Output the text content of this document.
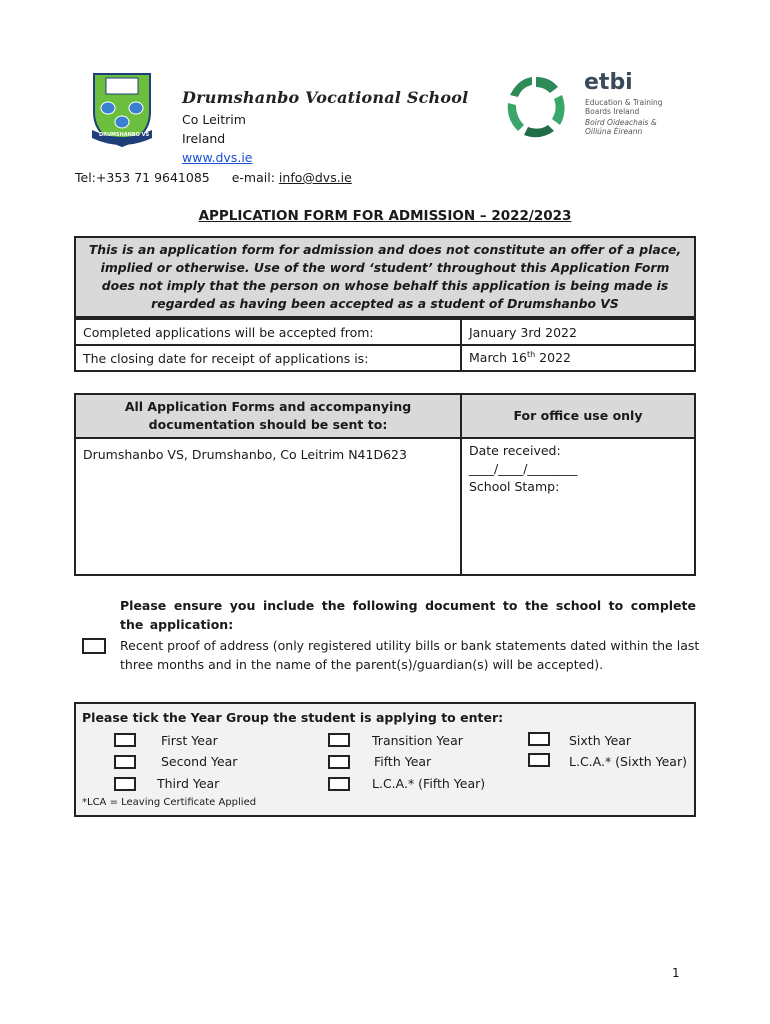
DRUMSHANBO VS
Drumshanbo Vocational School
Co Leitrim
Ireland
www.dvs.ie
Tel:+353 71 9641085 e-mail: info@dvs.ie
etbi
Education & Training
Boards Ireland
Boird Oideachais &
Oiliúna Éireann
APPLICATION FORM FOR ADMISSION – 2022/2023
This is an application form for admission and does not constitute an offer of a place, implied or otherwise. Use of the word ‘student’ throughout this Application Form does not imply that the person on whose behalf this application is being made is regarded as having been accepted as a student of Drumshanbo VS
Completed applications will be accepted from:	January 3rd 2022
The closing date for receipt of applications is:	March 16th 2022
All Application Forms and accompanying documentation should be sent to:	For office use only
Drumshanbo VS, Drumshanbo, Co Leitrim N41D623	Date received:
____/____/________
School Stamp:
Please ensure you include the following document to the school to complete the application:
Recent proof of address (only registered utility bills or bank statements dated within the last three months and in the name of the parent(s)/guardian(s) will be accepted).
Please tick the Year Group the student is applying to enter:
First Year
Second Year
Third Year
Transition Year
Fifth Year
L.C.A.* (Fifth Year)
Sixth Year
L.C.A.* (Sixth Year)
*LCA = Leaving Certificate Applied
1
